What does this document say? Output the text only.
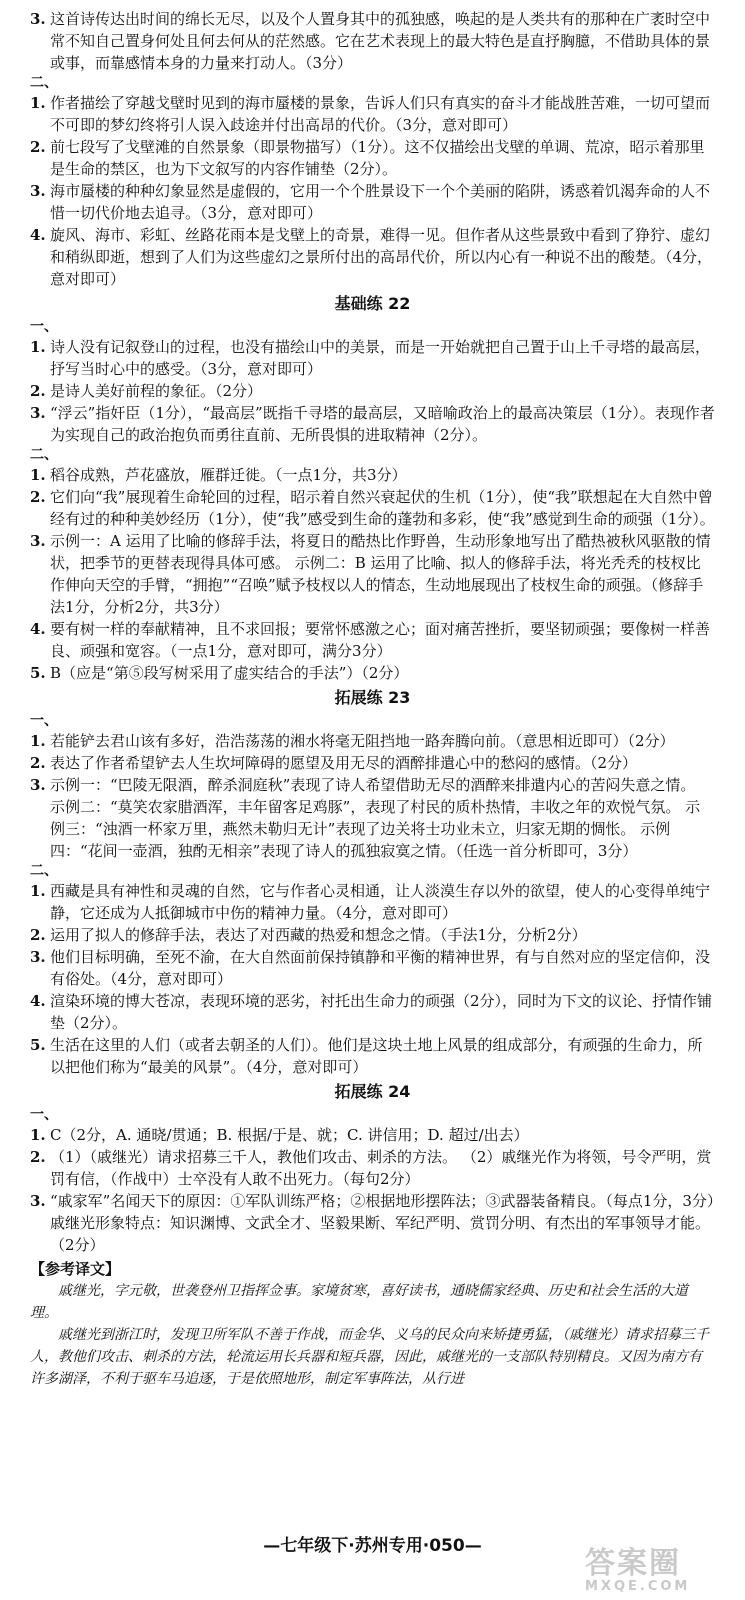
3. 这首诗传达出时间的绵长无尽，以及个人置身其中的孤独感，唤起的是人类共有的那种在广袤时空中常不知自己置身何处且何去何从的茫然感。它在艺术表现上的最大特色是直抒胸臆，不借助具体的景或事，而靠感情本身的力量来打动人。（3分）
二、
1. 作者描绘了穿越戈壁时见到的海市蜃楼的景象，告诉人们只有真实的奋斗才能战胜苦难，一切可望而不可即的梦幻终将引人误入歧途并付出高昂的代价。（3分，意对即可）
2. 前七段写了戈壁滩的自然景象（即景物描写）（1分）。这不仅描绘出戈壁的单调、荒凉，昭示着那里是生命的禁区，也为下文叙写的内容作铺垫（2分）。
3. 海市蜃楼的种种幻象显然是虚假的，它用一个个胜景设下一个个美丽的陷阱，诱惑着饥渴奔命的人不惜一切代价地去追寻。（3分，意对即可）
4. 旋风、海市、彩虹、丝路花雨本是戈壁上的奇景，难得一见。但作者从这些景致中看到了狰狞、虚幻和稍纵即逝，想到了人们为这些虚幻之景所付出的高昂代价，所以内心有一种说不出的酸楚。（4分，意对即可）
基础练 22
一、
1. 诗人没有记叙登山的过程，也没有描绘山中的美景，而是一开始就把自己置于山上千寻塔的最高层，抒写当时心中的感受。（3分，意对即可）
2. 是诗人美好前程的象征。（2分）
3. “浮云”指奸臣（1分），“最高层”既指千寻塔的最高层，又暗喻政治上的最高决策层（1分）。表现作者为实现自己的政治抱负而勇往直前、无所畏惧的进取精神（2分）。
二、
1. 稻谷成熟，芦花盛放，雁群迁徙。（一点1分，共3分）
2. 它们向“我”展现着生命轮回的过程，昭示着自然兴衰起伏的生机（1分），使“我”联想起在大自然中曾经有过的种种美妙经历（1分），使“我”感受到生命的蓬勃和多彩，使“我”感觉到生命的顽强（1分）。
3. 示例一：A 运用了比喻的修辞手法，将夏日的酷热比作野兽，生动形象地写出了酷热被秋风驱散的情状，把季节的更替表现得具体可感。 示例二：B 运用了比喻、拟人的修辞手法，将光秃秃的枝杈比作伸向天空的手臂，“拥抱”“召唤”赋予枝杈以人的情态，生动地展现出了枝杈生命的顽强。（修辞手法1分，分析2分，共3分）
4. 要有树一样的奉献精神，且不求回报；要常怀感激之心；面对痛苦挫折，要坚韧顽强；要像树一样善良、顽强和宽容。（一点1分，意对即可，满分3分）
5. B（应是“第⑤段写树采用了虚实结合的手法”）（2分）
拓展练 23
一、
1. 若能铲去君山该有多好，浩浩荡荡的湘水将毫无阻挡地一路奔腾向前。（意思相近即可）（2分）
2. 表达了作者希望铲去人生坎坷障碍的愿望及用无尽的酒醉排遣心中的愁闷的感情。（2分）
3. 示例一：“巴陵无限酒，醉杀洞庭秋”表现了诗人希望借助无尽的酒醉来排遣内心的苦闷失意之情。 示例二：“莫笑农家腊酒浑，丰年留客足鸡豚”，表现了村民的质朴热情，丰收之年的欢悦气氛。 示例三：“浊酒一杯家万里，燕然未勒归无计”表现了边关将士功业未立，归家无期的惆怅。 示例四：“花间一壶酒，独酌无相亲”表现了诗人的孤独寂寞之情。（任选一首分析即可，3分）
二、
1. 西藏是具有神性和灵魂的自然，它与作者心灵相通，让人淡漠生存以外的欲望，使人的心变得单纯宁静，它还成为人抵御城市中伤的精神力量。（4分，意对即可）
2. 运用了拟人的修辞手法，表达了对西藏的热爱和想念之情。（手法1分，分析2分）
3. 他们目标明确，至死不渝，在大自然面前保持镇静和平衡的精神世界，有与自然对应的坚定信仰，没有俗处。（4分，意对即可）
4. 渲染环境的博大苍凉，表现环境的恶劣，衬托出生命力的顽强（2分），同时为下文的议论、抒情作铺垫（2分）。
5. 生活在这里的人们（或者去朝圣的人们）。他们是这块土地上风景的组成部分，有顽强的生命力，所以把他们称为“最美的风景”。（4分，意对即可）
拓展练 24
一、
1. C（2分，A. 通晓/贯通；B. 根据/于是、就；C. 讲信用；D. 超过/出去）
2. （1）（戚继光）请求招募三千人，教他们攻击、刺杀的方法。 （2）戚继光作为将领，号令严明，赏罚有信，（作战中）士卒没有人敢不出死力。（每句2分）
3. “戚家军”名闻天下的原因：①军队训练严格；②根据地形摆阵法；③武器装备精良。（每点1分，3分）戚继光形象特点：知识渊博、文武全才、坚毅果断、军纪严明、赏罚分明、有杰出的军事领导才能。（2分）
【参考译文】

戚继光，字元敬，世袭登州卫指挥佥事。家境贫寒，喜好读书，通晓儒家经典、历史和社会生活的大道理。

戚继光到浙江时，发现卫所军队不善于作战，而金华、义乌的民众向来矫捷勇猛，（戚继光）请求招募三千人，教他们攻击、刺杀的方法，轮流运用长兵器和短兵器，因此，戚继光的一支部队特别精良。又因为南方有许多湖泽，不利于驱车马追逐，于是依照地形，制定军事阵法，从行进

—七年级下·苏州专用·050—	答案圈
MXQE.COM
